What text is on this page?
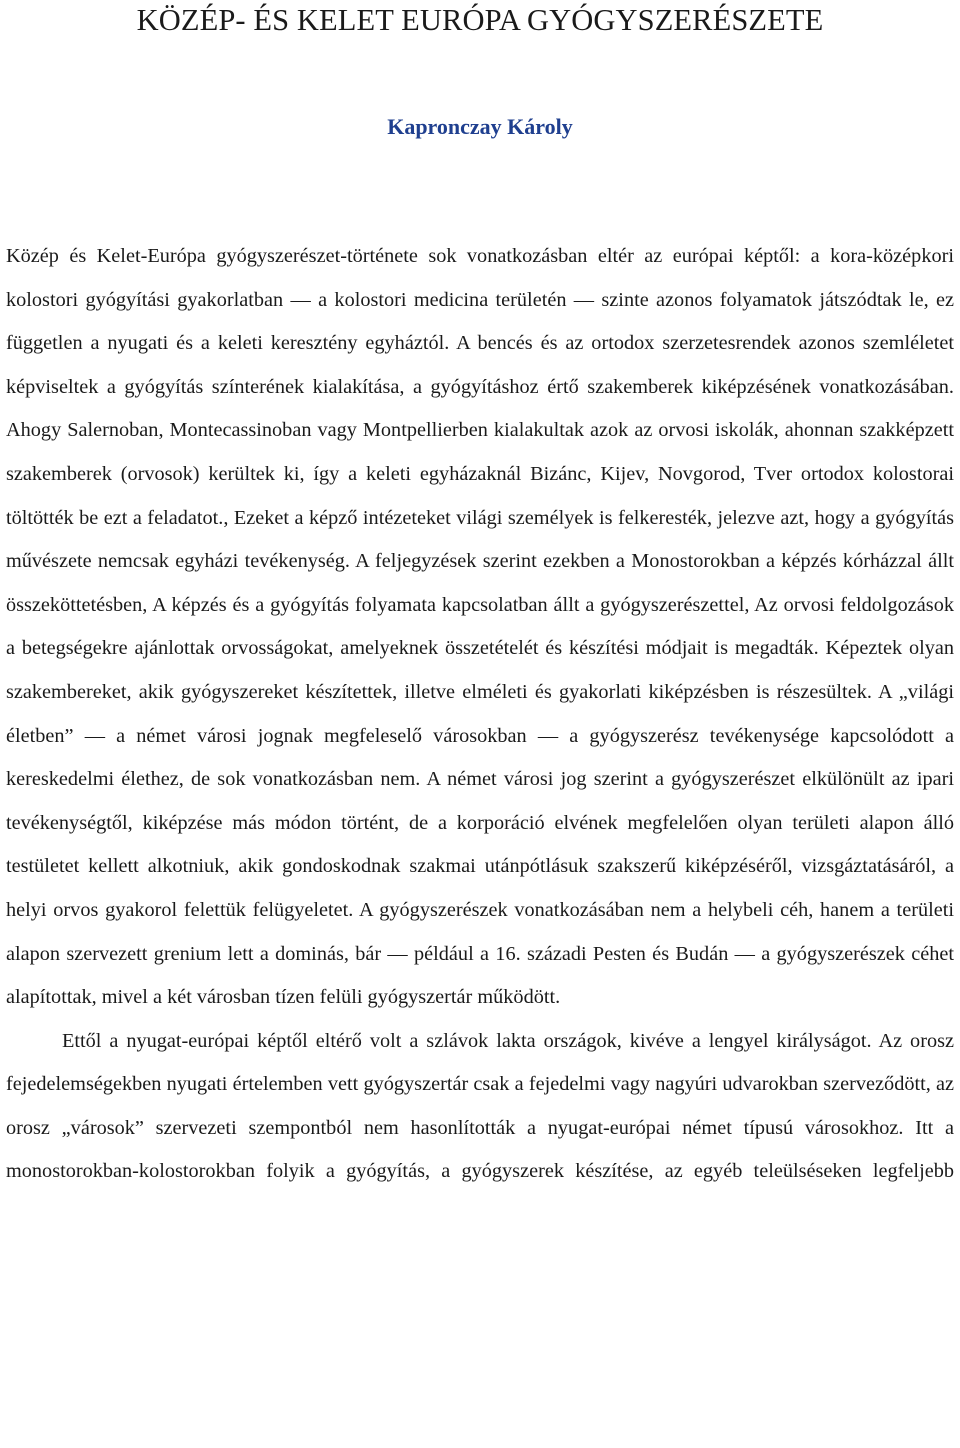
KÖZÉP- ÉS KELET EURÓPA GYÓGYSZERÉSZETE
Kapronczay Károly

Közép és Kelet-Európa gyógyszerészet-története sok vonatkozásban eltér az európai képtől: a kora-középkori kolostori gyógyítási gyakorlatban ― a kolostori medicina területén ― szinte azonos folyamatok játszódtak le, ez független a nyugati és a keleti keresztény egyháztól. A bencés és az ortodox szerzetesrendek azonos szemléletet képviseltek a gyógyítás színterének kialakítása, a gyógyításhoz értő szakemberek kiképzésének vonatkozásában. Ahogy Salernoban, Montecassinoban vagy Montpellierben kialakultak azok az orvosi iskolák, ahonnan szakképzett szakemberek (orvosok) kerültek ki, így a keleti egyházaknál Bizánc, Kijev, Novgorod, Tver ortodox kolostorai töltötték be ezt a feladatot., Ezeket a képző intézeteket világi személyek is felkeresték, jelezve azt, hogy a gyógyítás művészete nemcsak egyházi tevékenység. A feljegyzések szerint ezekben a Monostorokban a képzés kórházzal állt összeköttetésben, A képzés és a gyógyítás folyamata kapcsolatban állt a gyógyszerészettel, Az orvosi feldolgozások a betegségekre ajánlottak orvosságokat, amelyeknek összetételét és készítési módjait is megadták. Képeztek olyan szakembereket, akik gyógyszereket készítettek, illetve elméleti és gyakorlati kiképzésben is részesültek. A „világi életben” ― a német városi jognak megfeleselő városokban ― a gyógyszerész tevékenysége kapcsolódott a kereskedelmi élethez, de sok vonatkozásban nem. A német városi jog szerint a gyógyszerészet elkülönült az ipari tevékenységtől, kiképzése más módon történt, de a korporáció elvének megfelelően olyan területi alapon álló testületet kellett alkotniuk, akik gondoskodnak szakmai utánpótlásuk szakszerű kiképzéséről, vizsgáztatásáról, a helyi orvos gyakorol felettük felügyeletet. A gyógyszerészek vonatkozásában nem a helybeli céh, hanem a területi alapon szervezett grenium lett a dominás, bár ― például a 16. századi Pesten és Budán ― a gyógyszerészek céhet alapítottak, mivel a két városban tízen felüli gyógyszertár működött.

Ettől a nyugat-európai képtől eltérő volt a szlávok lakta országok, kivéve a lengyel királyságot. Az orosz fejedelemségekben nyugati értelemben vett gyógyszertár csak a fejedelmi vagy nagyúri udvarokban szerveződött, az orosz „városok” szervezeti szempontból nem hasonlították a nyugat-európai német típusú városokhoz. Itt a monostorokban-kolostorokban folyik a gyógyítás, a gyógyszerek készítése, az egyéb teleülséseken legfeljebb
